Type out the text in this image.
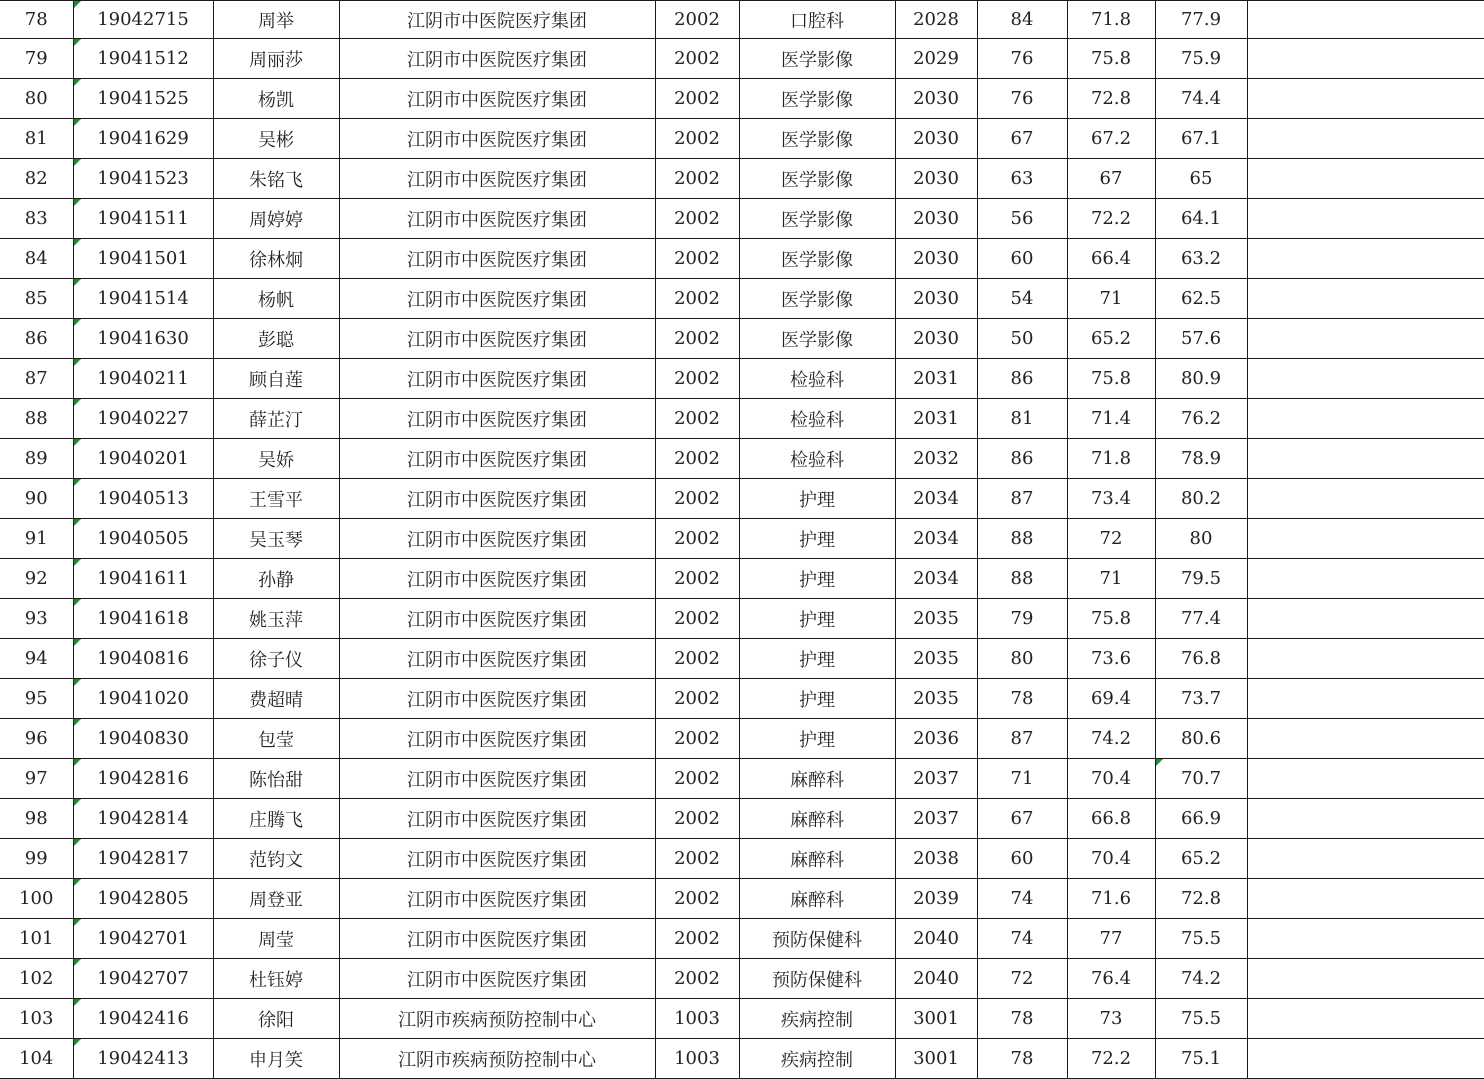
78	19042715	周举	江阴市中医院医疗集团	2002	口腔科	2028	84	71.8	77.9	
79	19041512	周丽莎	江阴市中医院医疗集团	2002	医学影像	2029	76	75.8	75.9	
80	19041525	杨凯	江阴市中医院医疗集团	2002	医学影像	2030	76	72.8	74.4	
81	19041629	吴彬	江阴市中医院医疗集团	2002	医学影像	2030	67	67.2	67.1	
82	19041523	朱铭飞	江阴市中医院医疗集团	2002	医学影像	2030	63	67	65	
83	19041511	周婷婷	江阴市中医院医疗集团	2002	医学影像	2030	56	72.2	64.1	
84	19041501	徐林炯	江阴市中医院医疗集团	2002	医学影像	2030	60	66.4	63.2	
85	19041514	杨帆	江阴市中医院医疗集团	2002	医学影像	2030	54	71	62.5	
86	19041630	彭聪	江阴市中医院医疗集团	2002	医学影像	2030	50	65.2	57.6	
87	19040211	顾自莲	江阴市中医院医疗集团	2002	检验科	2031	86	75.8	80.9	
88	19040227	薛芷汀	江阴市中医院医疗集团	2002	检验科	2031	81	71.4	76.2	
89	19040201	吴娇	江阴市中医院医疗集团	2002	检验科	2032	86	71.8	78.9	
90	19040513	王雪平	江阴市中医院医疗集团	2002	护理	2034	87	73.4	80.2	
91	19040505	吴玉琴	江阴市中医院医疗集团	2002	护理	2034	88	72	80	
92	19041611	孙静	江阴市中医院医疗集团	2002	护理	2034	88	71	79.5	
93	19041618	姚玉萍	江阴市中医院医疗集团	2002	护理	2035	79	75.8	77.4	
94	19040816	徐子仪	江阴市中医院医疗集团	2002	护理	2035	80	73.6	76.8	
95	19041020	费超晴	江阴市中医院医疗集团	2002	护理	2035	78	69.4	73.7	
96	19040830	包莹	江阴市中医院医疗集团	2002	护理	2036	87	74.2	80.6	
97	19042816	陈怡甜	江阴市中医院医疗集团	2002	麻醉科	2037	71	70.4	70.7	
98	19042814	庄腾飞	江阴市中医院医疗集团	2002	麻醉科	2037	67	66.8	66.9	
99	19042817	范钧文	江阴市中医院医疗集团	2002	麻醉科	2038	60	70.4	65.2	
100	19042805	周登亚	江阴市中医院医疗集团	2002	麻醉科	2039	74	71.6	72.8	
101	19042701	周莹	江阴市中医院医疗集团	2002	预防保健科	2040	74	77	75.5	
102	19042707	杜钰婷	江阴市中医院医疗集团	2002	预防保健科	2040	72	76.4	74.2	
103	19042416	徐阳	江阴市疾病预防控制中心	1003	疾病控制	3001	78	73	75.5	
104	19042413	申月笑	江阴市疾病预防控制中心	1003	疾病控制	3001	78	72.2	75.1	
